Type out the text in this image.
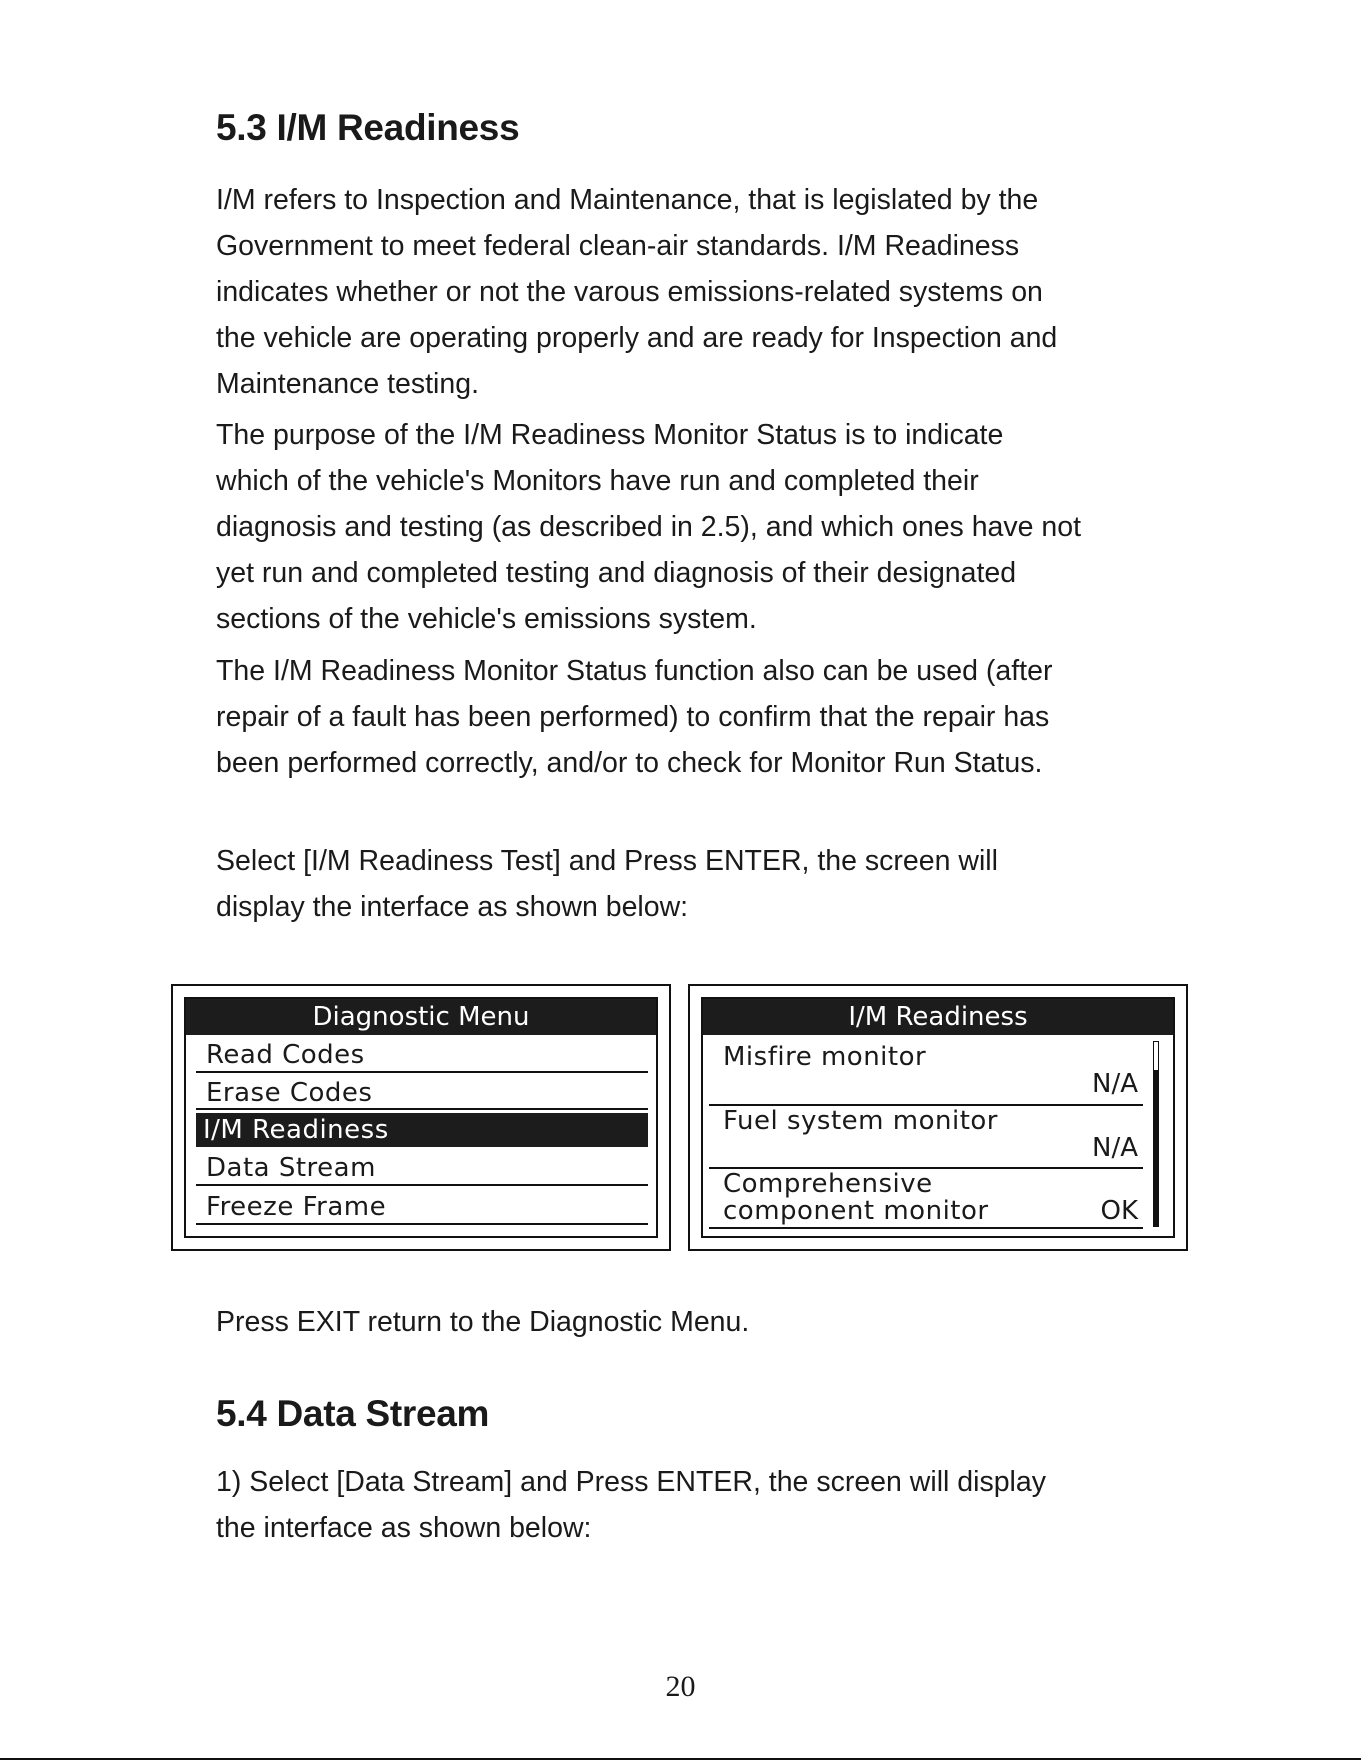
5.3 I/M Readiness
I/M refers to Inspection and Maintenance, that is legislated by the
Government to meet federal clean-air standards. I/M Readiness
indicates whether or not the varous emissions-related systems on
the vehicle are operating properly and are ready for Inspection and
Maintenance testing.
The purpose of the I/M Readiness Monitor Status is to indicate
which of the vehicle's Monitors have run and completed their
diagnosis and testing (as described in 2.5), and which ones have not
yet run and completed testing and diagnosis of their designated
sections of the vehicle's emissions system.
The I/M Readiness Monitor Status function also can be used (after
repair of a fault has been performed) to confirm that the repair has
been performed correctly, and/or to check for Monitor Run Status.
Select [I/M Readiness Test] and Press ENTER, the screen will
display the interface as shown below:
Diagnostic Menu
Read Codes
Erase Codes
I/M Readiness
Data Stream
Freeze Frame
I/M Readiness
Misfire monitor
N/A
Fuel system monitor
N/A
Comprehensive
component monitor	OK
Press EXIT return to the Diagnostic Menu.
5.4 Data Stream
1) Select [Data Stream] and Press ENTER, the screen will display
the interface as shown below:
20
